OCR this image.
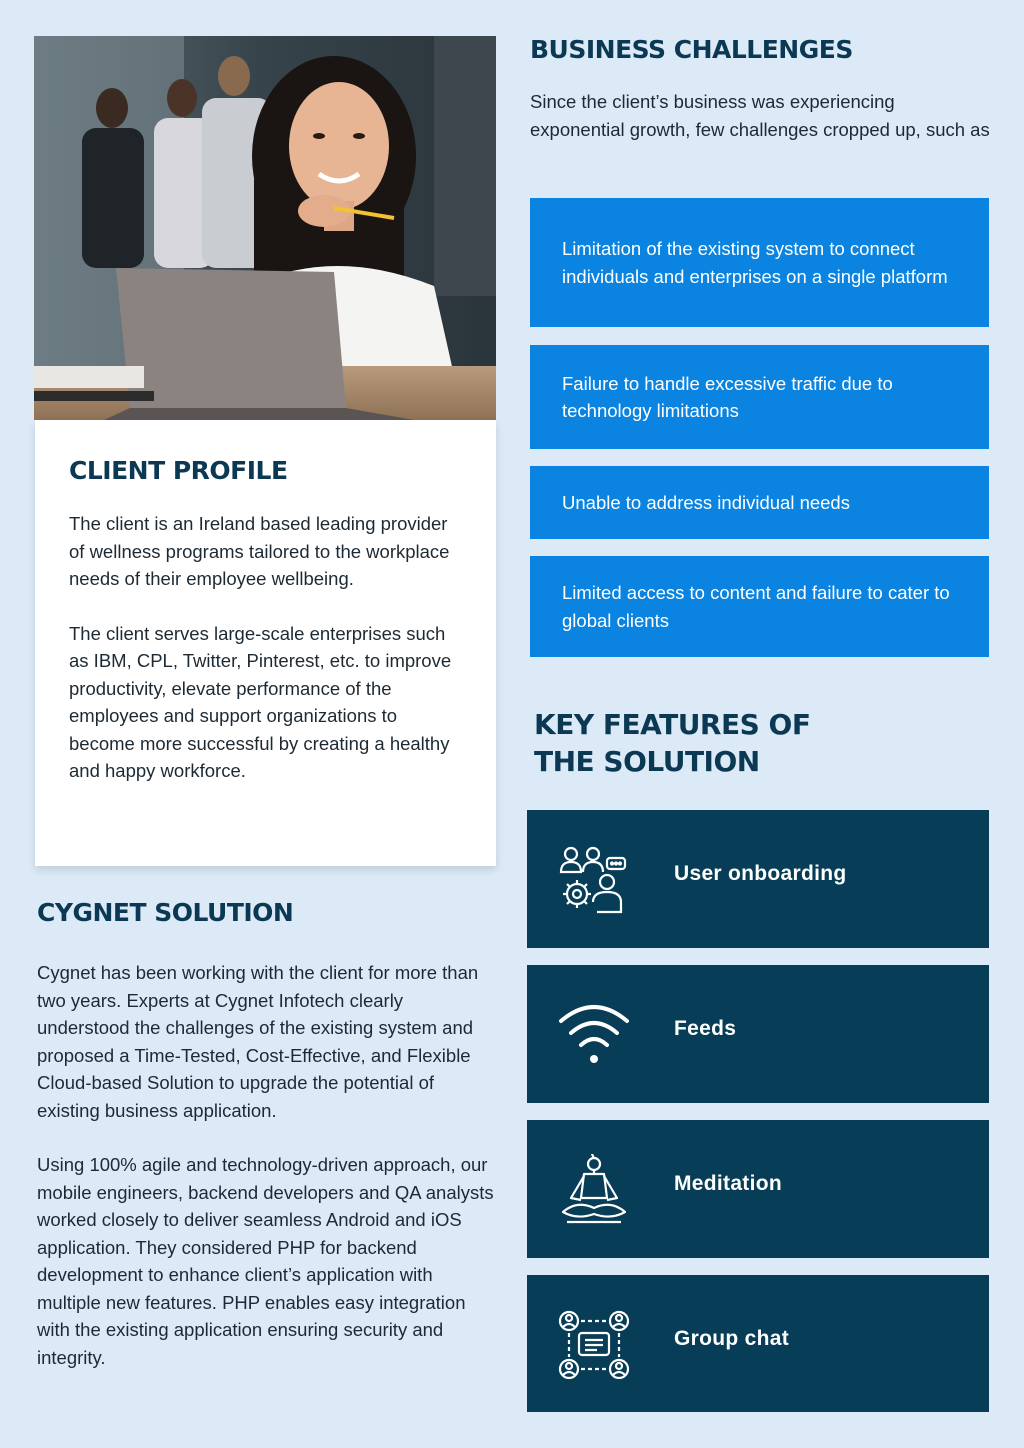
CLIENT PROFILE

The client is an Ireland based leading provider of wellness programs tailored to the workplace needs of their employee wellbeing.

The client serves large-scale enterprises such as IBM, CPL, Twitter, Pinterest, etc. to improve productivity, elevate performance of the employees and support organizations to become more successful by creating a healthy and happy workforce.

CYGNET SOLUTION

Cygnet has been working with the client for more than two years. Experts at Cygnet Infotech clearly understood the challenges of the existing system and proposed a Time-Tested, Cost-Effective, and Flexible Cloud-based Solution to upgrade the potential of existing business application.

Using 100% agile and technology-driven approach, our mobile engineers, backend developers and QA analysts worked closely to deliver seamless Android and iOS application. They considered PHP for backend development to enhance client’s application with multiple new features. PHP enables easy integration with the existing application ensuring security and integrity.

BUSINESS CHALLENGES

Since the client’s business was experiencing exponential growth, few challenges cropped up, such as

Limitation of the existing system to connect individuals and enterprises on a single platform
Failure to handle excessive traffic due to technology limitations
Unable to address individual needs
Limited access to content and failure to cater to global clients
KEY FEATURES OF
THE SOLUTION
User onboarding
Feeds
Meditation
Group chat
